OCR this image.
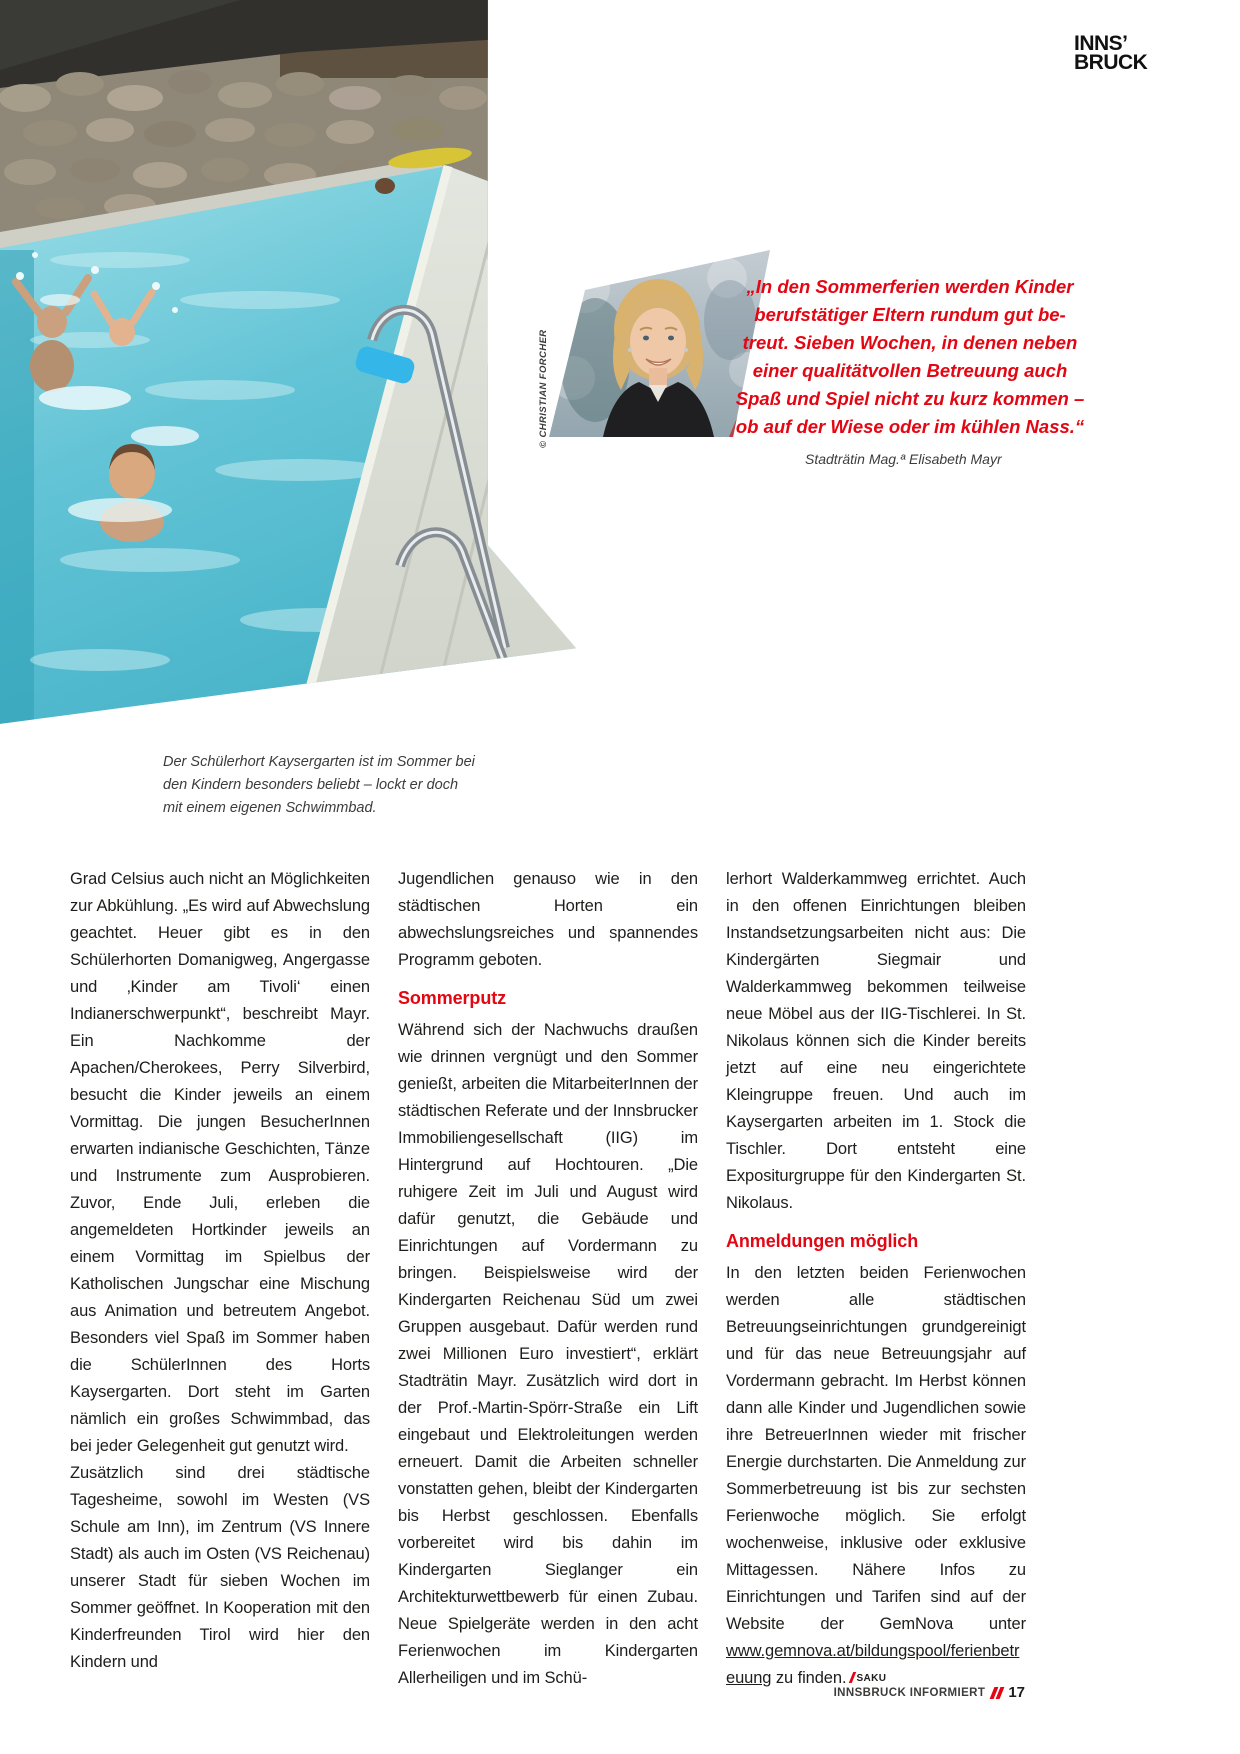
Der Schülerhort Kaysergarten ist im Sommer bei den Kindern besonders beliebt – lockt er doch mit einem eigenen Schwimmbad.

INNS’
BRUCK
© CHRISTIAN FORCHER
„In den Sommerferien werden Kinder
berufstätiger Eltern rundum gut be-
treut. Sieben Wochen, in denen neben
einer qualitätvollen Betreuung auch
Spaß und Spiel nicht zu kurz kommen –
ob auf der Wiese oder im kühlen Nass.“
Stadträtin Mag.ª Elisabeth Mayr

Grad Celsius auch nicht an Möglichkeiten zur Abkühlung. „Es wird auf Abwechslung geachtet. Heuer gibt es in den Schülerhorten Domanigweg, Angergasse und ‚Kinder am Tivoli‘ einen Indianerschwerpunkt“, beschreibt Mayr. Ein Nachkomme der Apachen/Cherokees, Perry Silverbird, besucht die Kinder jeweils an einem Vormittag. Die jungen BesucherInnen erwarten indianische Geschichten, Tänze und Instrumente zum Ausprobieren. Zuvor, Ende Juli, erleben die angemeldeten Hortkinder jeweils an einem Vormittag im Spielbus der Katholischen Jungschar eine Mischung aus Animation und betreutem Angebot. Besonders viel Spaß im Sommer haben die SchülerInnen des Horts Kaysergarten. Dort steht im Garten nämlich ein großes Schwimmbad, das bei jeder Gelegenheit gut genutzt wird.

Zusätzlich sind drei städtische Tagesheime, sowohl im Westen (VS Schule am Inn), im Zentrum (VS Innere Stadt) als auch im Osten (VS Reichenau) unserer Stadt für sieben Wochen im Sommer geöffnet. In Kooperation mit den Kinderfreunden Tirol wird hier den Kindern und

Jugendlichen genauso wie in den städtischen Horten ein abwechslungsreiches und spannendes Programm geboten.

Sommerputz

Während sich der Nachwuchs draußen wie drinnen vergnügt und den Sommer genießt, arbeiten die MitarbeiterInnen der städtischen Referate und der Innsbrucker Immobiliengesellschaft (IIG) im Hintergrund auf Hochtouren. „Die ruhigere Zeit im Juli und August wird dafür genutzt, die Gebäude und Einrichtungen auf Vordermann zu bringen. Beispielsweise wird der Kindergarten Reichenau Süd um zwei Gruppen ausgebaut. Dafür werden rund zwei Millionen Euro investiert“, erklärt Stadträtin Mayr. Zusätzlich wird dort in der Prof.-Martin-Spörr-Straße ein Lift eingebaut und Elektroleitungen werden erneuert. Damit die Arbeiten schneller vonstatten gehen, bleibt der Kindergarten bis Herbst geschlossen. Ebenfalls vorbereitet wird bis dahin im Kindergarten Sieglanger ein Architekturwettbewerb für einen Zubau. Neue Spielgeräte werden in den acht Ferienwochen im Kindergarten Allerheiligen und im Schü-

lerhort Walderkammweg errichtet. Auch in den offenen Einrichtungen bleiben Instandsetzungsarbeiten nicht aus: Die Kindergärten Siegmair und Walderkammweg bekommen teilweise neue Möbel aus der IIG-Tischlerei. In St. Nikolaus können sich die Kinder bereits jetzt auf eine neu eingerichtete Kleingruppe freuen. Und auch im Kaysergarten arbeiten im 1. Stock die Tischler. Dort entsteht eine Expositurgruppe für den Kindergarten St. Nikolaus.

Anmeldungen möglich

In den letzten beiden Ferienwochen werden alle städtischen Betreuungseinrichtungen grundgereinigt und für das neue Betreuungsjahr auf Vordermann gebracht. Im Herbst können dann alle Kinder und Jugendlichen sowie ihre BetreuerInnen wieder mit frischer Energie durchstarten. Die Anmeldung zur Sommerbetreuung ist bis zur sechsten Ferienwoche möglich. Sie erfolgt wochenweise, inklusive oder exklusive Mittagessen. Nähere Infos zu Einrichtungen und Tarifen sind auf der Website der GemNova unter www.gemnova.at/bildungspool/ferienbetreuung zu finden. SAKU

INNSBRUCK INFORMIERT 17
